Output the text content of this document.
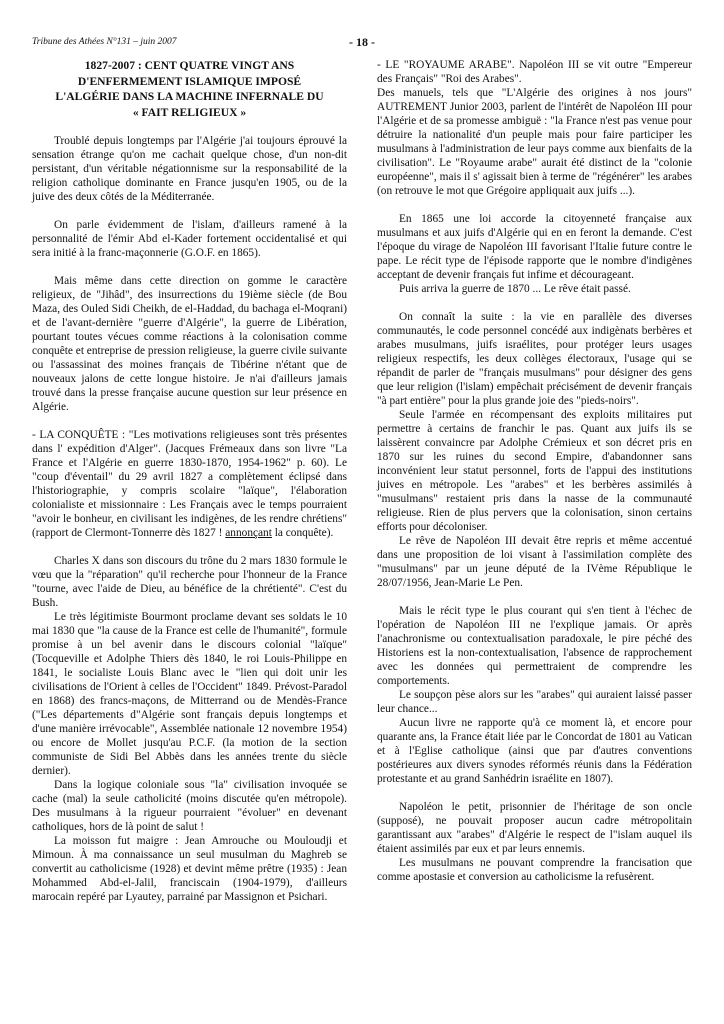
Tribune des Athées N°131 – juin 2007	- 18 -
1827-2007 : CENT QUATRE VINGT ANS
D'ENFERMEMENT ISLAMIQUE IMPOSÉ
L'ALGÉRIE DANS LA MACHINE INFERNALE DU
« FAIT RELIGIEUX »

Troublé depuis longtemps par l'Algérie j'ai toujours éprouvé la sensation étrange qu'on me cachait quelque chose, d'un non-dit persistant, d'un véritable négationnisme sur la responsabilité de la religion catholique dominante en France jusqu'en 1905, ou de la juive des deux côtés de la Méditerranée.

On parle évidemment de l'islam, d'ailleurs ramené à la personnalité de l'émir Abd el-Kader fortement occidentalisé et qui sera initié à la franc-maçonnerie (G.O.F. en 1865).

Mais même dans cette direction on gomme le caractère religieux, de "Jihâd", des insurrections du 19ième siècle (de Bou Maza, des Ouled Sidi Cheikh, de el-Haddad, du bachaga el-Moqrani) et de l'avant-dernière "guerre d'Algérie", la guerre de Libération, pourtant toutes vécues comme réactions à la colonisation comme conquête et entreprise de pression religieuse, la guerre civile suivante ou l'assassinat des moines français de Tibérine n'étant que de nouveaux jalons de cette longue histoire. Je n'ai d'ailleurs jamais trouvé dans la presse française aucune question sur leur présence en Algérie.

- LA CONQUÊTE : "Les motivations religieuses sont très présentes dans l' expédition d'Alger". (Jacques Frémeaux dans son livre "La France et l'Algérie en guerre 1830-1870, 1954-1962" p. 60). Le "coup d'éventail" du 29 avril 1827 a complètement éclipsé dans l'historiographie, y compris scolaire "laïque", l'élaboration colonialiste et missionnaire : Les Français avec le temps pourraient "avoir le bonheur, en civilisant les indigènes, de les rendre chrétiens" (rapport de Clermont-Tonnerre dès 1827 ! annonçant la conquête).

Charles X dans son discours du trône du 2 mars 1830 formule le vœu que la "réparation" qu'il recherche pour l'honneur de la France "tourne, avec l'aide de Dieu, au bénéfice de la chrétienté". C'est du Bush.

Le très légitimiste Bourmont proclame devant ses soldats le 10 mai 1830 que "la cause de la France est celle de l'humanité", formule promise à un bel avenir dans le discours colonial "laïque" (Tocqueville et Adolphe Thiers dès 1840, le roi Louis-Philippe en 1841, le socialiste Louis Blanc avec le "lien qui doit unir les civilisations de l'Orient à celles de l'Occident" 1849. Prévost-Paradol en 1868) des francs-maçons, de Mitterrand ou de Mendès-France ("Les départements d"Algérie sont français depuis longtemps et d'une manière irrévocable", Assemblée nationale 12 novembre 1954) ou encore de Mollet jusqu'au P.C.F. (la motion de la section communiste de Sidi Bel Abbès dans les années trente du siècle dernier).

Dans la logique coloniale sous "la" civilisation invoquée se cache (mal) la seule catholicité (moins discutée qu'en métropole). Des musulmans à la rigueur pourraient "évoluer" en devenant catholiques, hors de là point de salut !

La moisson fut maigre : Jean Amrouche ou Mouloudji et Mimoun. À ma connaissance un seul musulman du Maghreb se convertit au catholicisme (1928) et devint même prêtre (1935) : Jean Mohammed Abd-el-Jalil, franciscain (1904-1979), d'ailleurs marocain repéré par Lyautey, parrainé par Massignon et Psichari.

- LE "ROYAUME ARABE". Napoléon III se vit outre "Empereur des Français" "Roi des Arabes".

Des manuels, tels que "L'Algérie des origines à nos jours" AUTREMENT Junior 2003, parlent de l'intérêt de Napoléon III pour l'Algérie et de sa promesse ambiguë : "la France n'est pas venue pour détruire la nationalité d'un peuple mais pour faire participer les musulmans à l'administration de leur pays comme aux bienfaits de la civilisation". Le "Royaume arabe" aurait été distinct de la "colonie européenne", mais il s' agissait bien à terme de "régénérer" les arabes (on retrouve le mot que Grégoire appliquait aux juifs ...).

En 1865 une loi accorde la citoyenneté française aux musulmans et aux juifs d'Algérie qui en en feront la demande. C'est l'époque du virage de Napoléon III favorisant l'Italie future contre le pape. Le récit type de l'épisode rapporte que le nombre d'indigènes acceptant de devenir français fut infime et décourageant.

Puis arriva la guerre de 1870 ... Le rêve était passé.

On connaît la suite : la vie en parallèle des diverses communautés, le code personnel concédé aux indigènats berbères et arabes musulmans, juifs israélites, pour protéger leurs usages religieux respectifs, les deux collèges électoraux, l'usage qui se répandit de parler de "français musulmans" pour désigner des gens que leur religion (l'islam) empêchait précisément de devenir français "à part entière" pour la plus grande joie des "pieds-noirs".

Seule l'armée en récompensant des exploits militaires put permettre à certains de franchir le pas. Quant aux juifs ils se laissèrent convaincre par Adolphe Crémieux et son décret pris en 1870 sur les ruines du second Empire, d'abandonner sans inconvénient leur statut personnel, forts de l'appui des institutions juives en métropole. Les "arabes" et les berbères assimilés à "musulmans" restaient pris dans la nasse de la communauté religieuse. Rien de plus pervers que la colonisation, sinon certains efforts pour décoloniser.

Le rêve de Napoléon III devait être repris et même accentué dans une proposition de loi visant à l'assimilation complète des "musulmans" par un jeune député de la IVème République le 28/07/1956, Jean-Marie Le Pen.

Mais le récit type le plus courant qui s'en tient à l'échec de l'opération de Napoléon III ne l'explique jamais. Or après l'anachronisme ou contextualisation paradoxale, le pire péché des Historiens est la non-contextualisation, l'absence de rapprochement avec les données qui permettraient de comprendre les comportements.

Le soupçon pèse alors sur les "arabes" qui auraient laissé passer leur chance...

Aucun livre ne rapporte qu'à ce moment là, et encore pour quarante ans, la France était liée par le Concordat de 1801 au Vatican et à l'Eglise catholique (ainsi que par d'autres conventions postérieures aux divers synodes réformés réunis dans la Fédération protestante et au grand Sanhédrin israélite en 1807).

Napoléon le petit, prisonnier de l'héritage de son oncle (supposé), ne pouvait proposer aucun cadre métropolitain garantissant aux "arabes" d'Algérie le respect de l"islam auquel ils étaient assimilés par eux et par leurs ennemis.

Les musulmans ne pouvant comprendre la francisation que comme apostasie et conversion au catholicisme la refusèrent.
